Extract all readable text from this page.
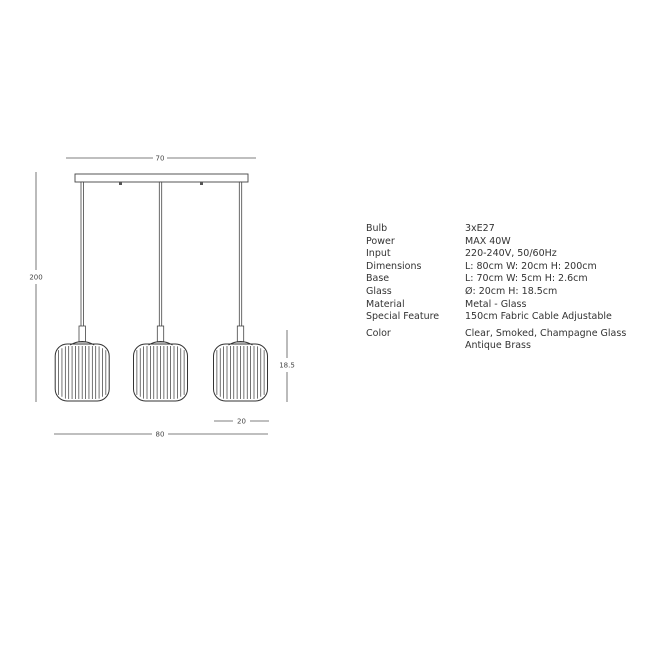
70
200
18.5
20
80
Bulb	3xE27
Power	MAX 40W
Input	220-240V, 50/60Hz
Dimensions	L: 80cm W: 20cm H: 200cm
Base	L: 70cm W: 5cm H: 2.6cm
Glass	Ø: 20cm H: 18.5cm
Material	Metal - Glass
Special Feature	150cm Fabric Cable Adjustable
Color	Clear, Smoked, Champagne Glass
Antique Brass
